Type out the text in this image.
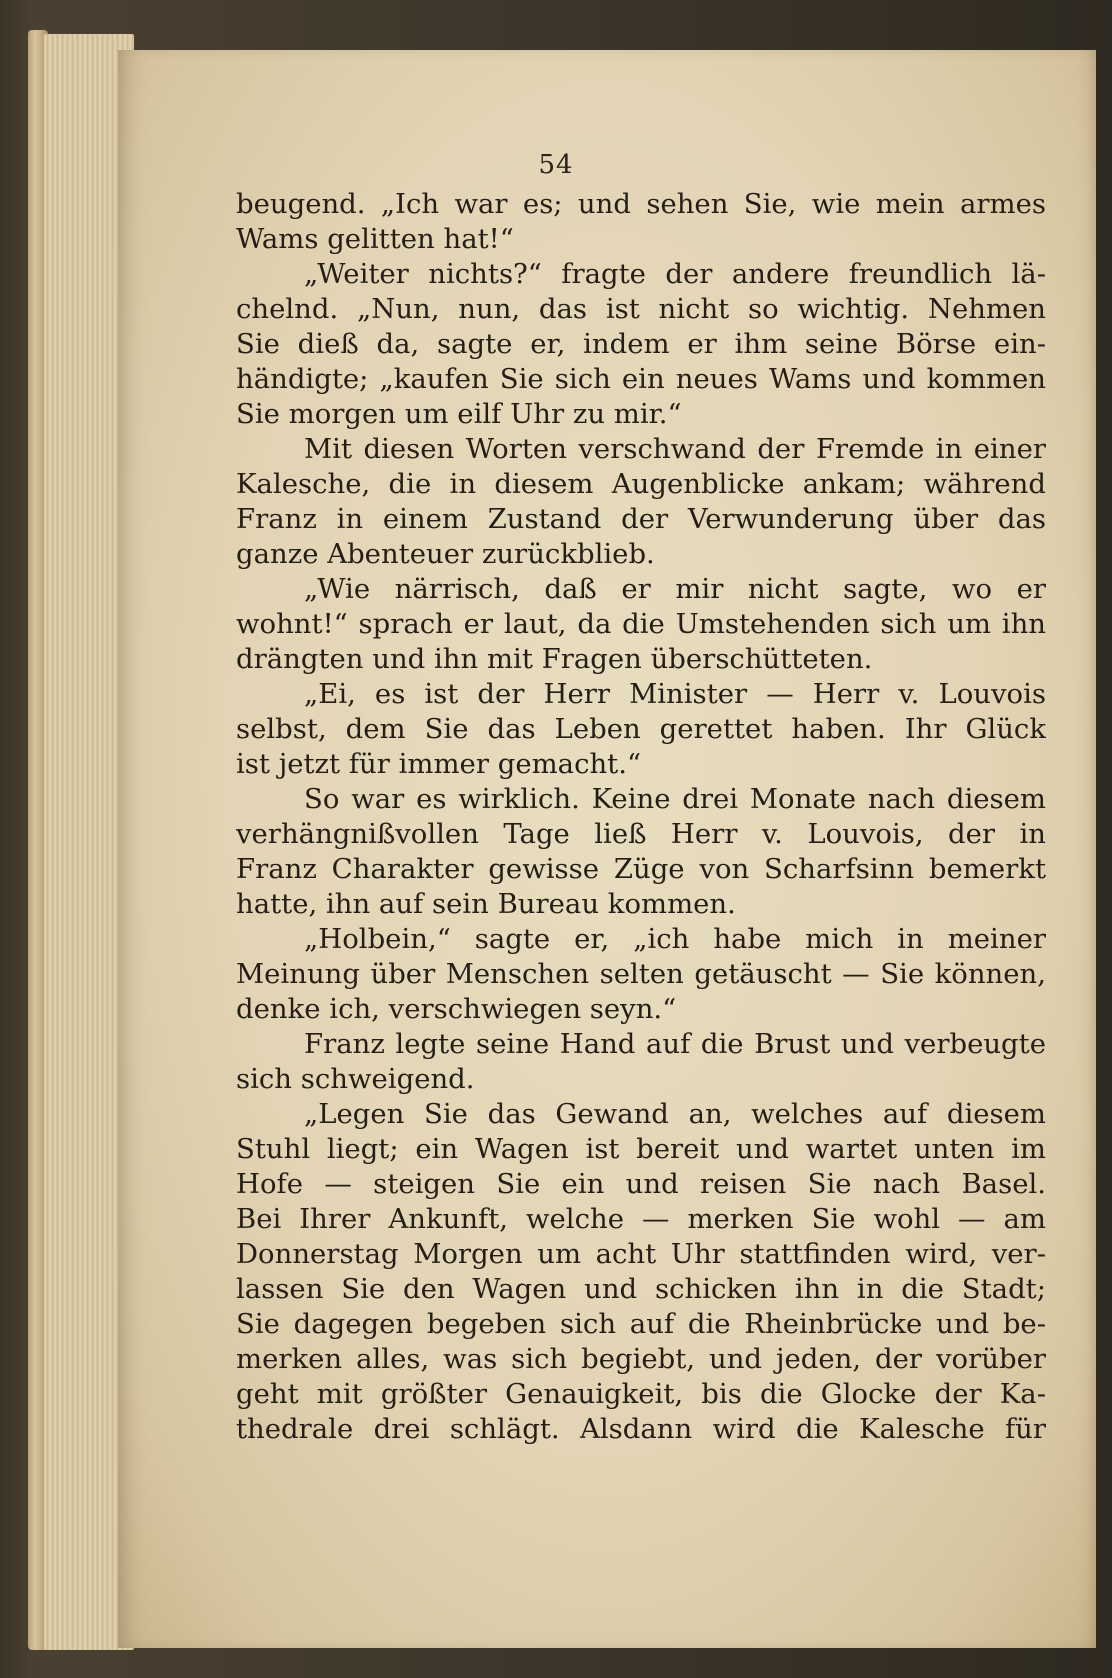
54
beugend. „Ich war es; und sehen Sie, wie mein armes
Wams gelitten hat!“
„Weiter nichts?“ fragte der andere freundlich lä-
chelnd. „Nun, nun, das ist nicht so wichtig. Nehmen
Sie dieß da, sagte er, indem er ihm seine Börse ein-
händigte; „kaufen Sie sich ein neues Wams und kommen
Sie morgen um eilf Uhr zu mir.“
Mit diesen Worten verschwand der Fremde in einer
Kalesche, die in diesem Augenblicke ankam; während
Franz in einem Zustand der Verwunderung über das
ganze Abenteuer zurückblieb.
„Wie närrisch, daß er mir nicht sagte, wo er
wohnt!“ sprach er laut, da die Umstehenden sich um ihn
drängten und ihn mit Fragen überschütteten.
„Ei, es ist der Herr Minister — Herr v. Louvois
selbst, dem Sie das Leben gerettet haben. Ihr Glück
ist jetzt für immer gemacht.“
So war es wirklich. Keine drei Monate nach diesem
verhängnißvollen Tage ließ Herr v. Louvois, der in
Franz Charakter gewisse Züge von Scharfsinn bemerkt
hatte, ihn auf sein Bureau kommen.
„Holbein,“ sagte er, „ich habe mich in meiner
Meinung über Menschen selten getäuscht — Sie können,
denke ich, verschwiegen seyn.“
Franz legte seine Hand auf die Brust und verbeugte
sich schweigend.
„Legen Sie das Gewand an, welches auf diesem
Stuhl liegt; ein Wagen ist bereit und wartet unten im
Hofe — steigen Sie ein und reisen Sie nach Basel.
Bei Ihrer Ankunft, welche — merken Sie wohl — am
Donnerstag Morgen um acht Uhr stattfinden wird, ver-
lassen Sie den Wagen und schicken ihn in die Stadt;
Sie dagegen begeben sich auf die Rheinbrücke und be-
merken alles, was sich begiebt, und jeden, der vorüber
geht mit größter Genauigkeit, bis die Glocke der Ka-
thedrale drei schlägt. Alsdann wird die Kalesche für
